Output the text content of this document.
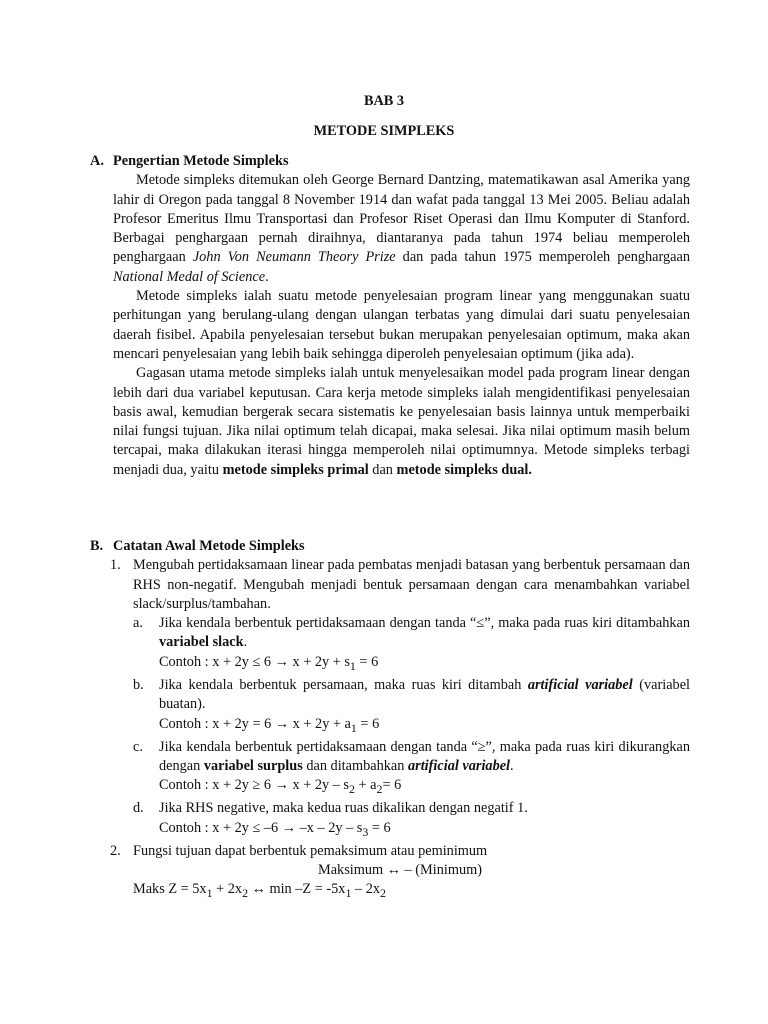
BAB 3
METODE SIMPLEKS
A. Pengertian Metode Simpleks

Metode simpleks ditemukan oleh George Bernard Dantzing, matematikawan asal Amerika yang lahir di Oregon pada tanggal 8 November 1914 dan wafat pada tanggal 13 Mei 2005. Beliau adalah Profesor Emeritus Ilmu Transportasi dan Profesor Riset Operasi dan Ilmu Komputer di Stanford. Berbagai penghargaan pernah diraihnya, diantaranya pada tahun 1974 beliau memperoleh penghargaan John Von Neumann Theory Prize dan pada tahun 1975 memperoleh penghargaan National Medal of Science.

Metode simpleks ialah suatu metode penyelesaian program linear yang menggunakan suatu perhitungan yang berulang-ulang dengan ulangan terbatas yang dimulai dari suatu penyelesaian daerah fisibel. Apabila penyelesaian tersebut bukan merupakan penyelesaian optimum, maka akan mencari penyelesaian yang lebih baik sehingga diperoleh penyelesaian optimum (jika ada).

Gagasan utama metode simpleks ialah untuk menyelesaikan model pada program linear dengan lebih dari dua variabel keputusan. Cara kerja metode simpleks ialah mengidentifikasi penyelesaian basis awal, kemudian bergerak secara sistematis ke penyelesaian basis lainnya untuk memperbaiki nilai fungsi tujuan. Jika nilai optimum telah dicapai, maka selesai. Jika nilai optimum masih belum tercapai, maka dilakukan iterasi hingga memperoleh nilai optimumnya. Metode simpleks terbagi menjadi dua, yaitu metode simpleks primal dan metode simpleks dual.

B. Catatan Awal Metode Simpleks
1. Mengubah pertidaksamaan linear pada pembatas menjadi batasan yang berbentuk persamaan dan RHS non-negatif. Mengubah menjadi bentuk persamaan dengan cara menambahkan variabel slack/surplus/tambahan.
a.	Jika kendala berbentuk pertidaksamaan dengan tanda “≤”, maka pada ruas kiri ditambahkan variabel slack.
Contoh : $x + 2y \le 6 \to x + 2y + s_1 = 6$
b.	Jika kendala berbentuk persamaan, maka ruas kiri ditambah artificial variabel (variabel buatan).
Contoh : $x + 2y = 6 \to x + 2y + a_1 = 6$
c.	Jika kendala berbentuk pertidaksamaan dengan tanda “≥”, maka pada ruas kiri dikurangkan dengan variabel surplus dan ditambahkan artificial variabel.
Contoh : $x + 2y \ge 6 \to x + 2y - s_2 + a_2= 6$
d.	Jika RHS negative, maka kedua ruas dikalikan dengan negatif 1.
Contoh : $x + 2y \le -6 \to -x - 2y - s_3 = 6$
2. Fungsi tujuan dapat berbentuk pemaksimum atau peminimum
Maksimum ↔ – (Minimum)
Maks $Z = 5x_1 + 2x_2$ ↔ $\min -Z = -5x_1 - 2x_2$
